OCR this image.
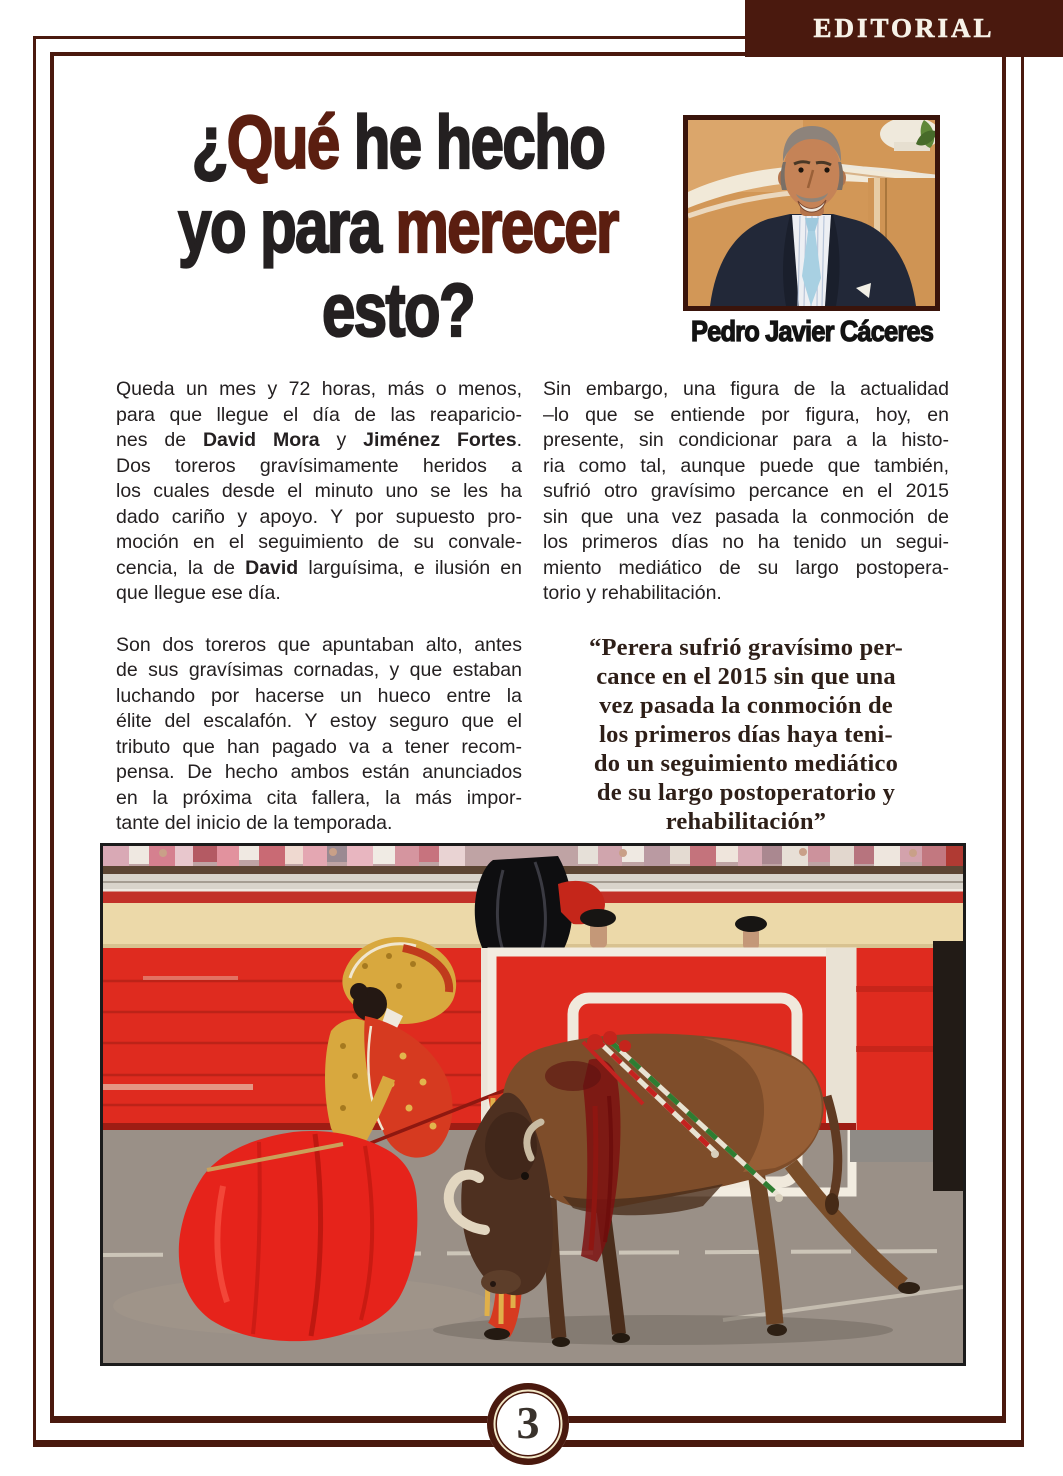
EDITORIAL
¿Qué he hecho
yo para merecer
esto?	Pedro Javier Cáceres
Queda un mes y 72 horas, más o menos,
para que llegue el día de las reaparicio-
nes de David Mora y Jiménez Fortes.
Dos toreros gravísimamente heridos a
los cuales desde el minuto uno se les ha
dado cariño y apoyo. Y por supuesto pro-
moción en el seguimiento de su convale-
cencia, la de David larguísima, e ilusión en
que llegue ese día.
Son dos toreros que apuntaban alto, antes
de sus gravísimas cornadas, y que estaban
luchando por hacerse un hueco entre la
élite del escalafón. Y estoy seguro que el
tributo que han pagado va a tener recom-
pensa. De hecho ambos están anunciados
en la próxima cita fallera, la más impor-
tante del inicio de la temporada.
Sin embargo, una figura de la actualidad
–lo que se entiende por figura, hoy, en
presente, sin condicionar para a la histo-
ria como tal, aunque puede que también,
sufrió otro gravísimo percance en el 2015
sin que una vez pasada la conmoción de
los primeros días no ha tenido un segui-
miento mediático de su largo postopera-
torio y rehabilitación.
“Perera sufrió gravísimo per-
cance en el 2015 sin que una
vez pasada la conmoción de
los primeros días haya teni-
do un seguimiento mediático
de su largo postoperatorio y
rehabilitación”
3
